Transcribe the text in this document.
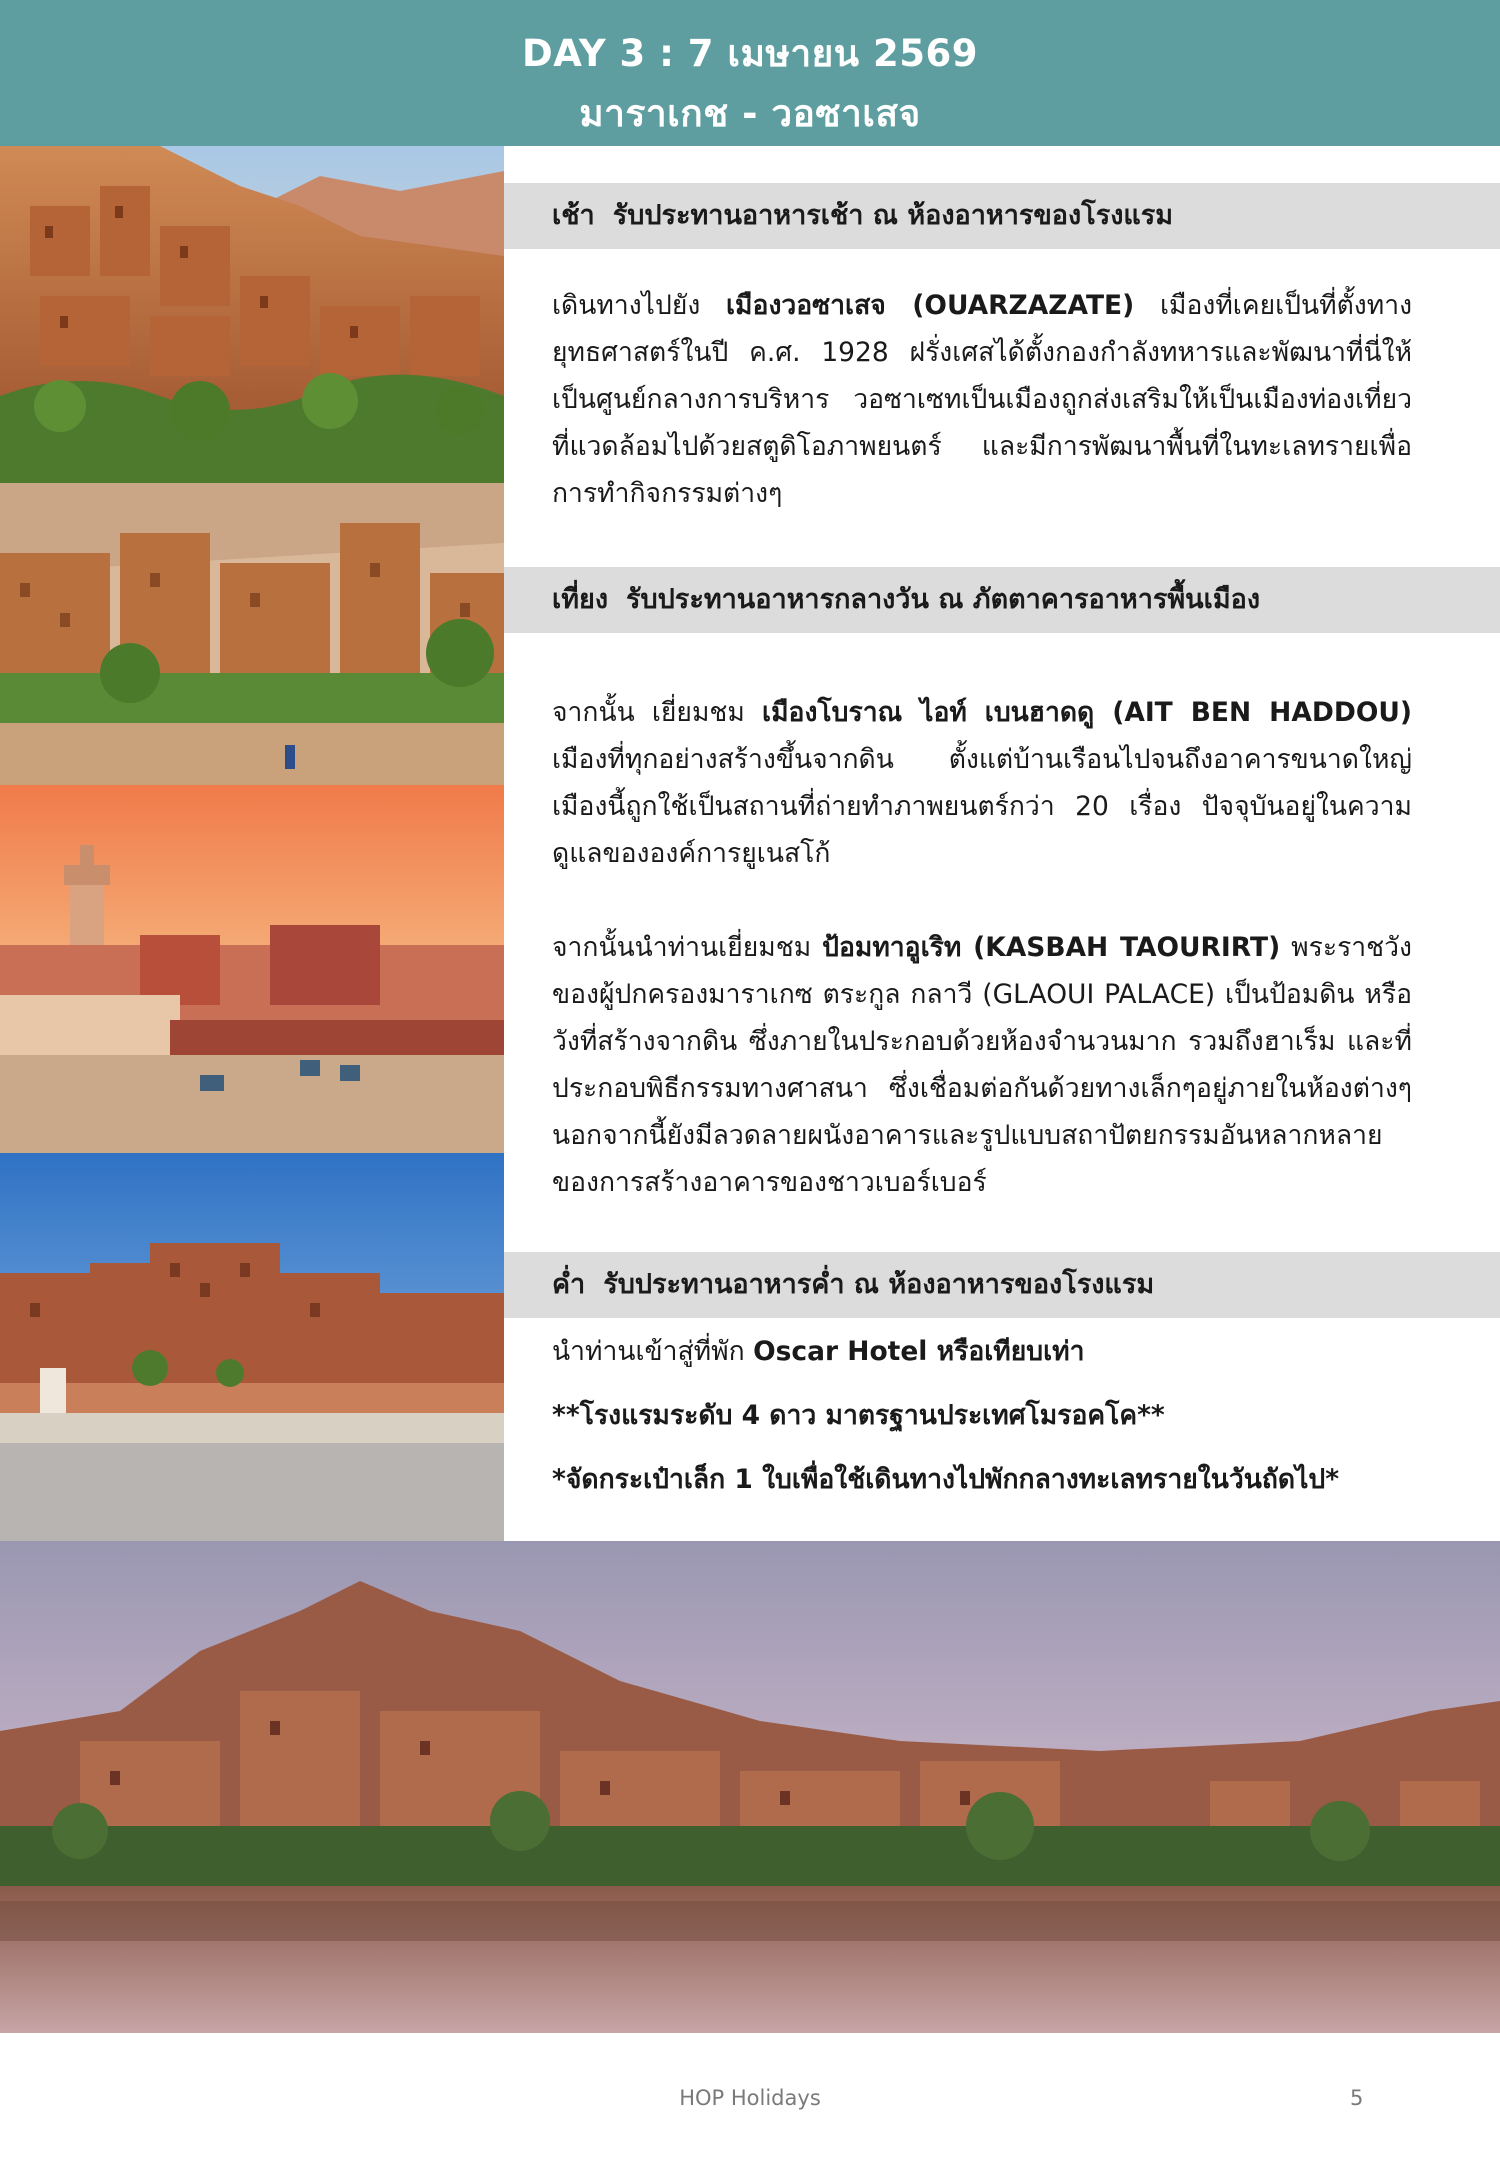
DAY 3 : 7 เมษายน 2569
มาราเกช - วอซาเสจ
เช้า รับประทานอาหารเช้า ณ ห้องอาหารของโรงแรม
เดินทางไปยัง เมืองวอซาเสจ (OUARZAZATE) เมืองที่เคยเป็นที่ตั้งทางยุทธศาสตร์ในปี ค.ศ. 1928 ฝรั่งเศสได้ตั้งกองกำลังทหารและพัฒนาที่นี่ให้เป็นศูนย์กลางการบริหาร วอซาเซทเป็นเมืองถูกส่งเสริมให้เป็นเมืองท่องเที่ยวที่แวดล้อมไปด้วยสตูดิโอภาพยนตร์ และมีการพัฒนาพื้นที่ในทะเลทรายเพื่อการทำกิจกรรมต่างๆ
เที่ยง รับประทานอาหารกลางวัน ณ ภัตตาคารอาหารพื้นเมือง
จากนั้น เยี่ยมชม เมืองโบราณ ไอท์ เบนฮาดดู (AIT BEN HADDOU) เมืองที่ทุกอย่างสร้างขึ้นจากดิน ตั้งแต่บ้านเรือนไปจนถึงอาคารขนาดใหญ่ เมืองนี้ถูกใช้เป็นสถานที่ถ่ายทำภาพยนตร์กว่า 20 เรื่อง ปัจจุบันอยู่ในความดูแลขององค์การยูเนสโก้
จากนั้นนำท่านเยี่ยมชม ป้อมทาอูเริท (KASBAH TAOURIRT) พระราชวังของผู้ปกครองมาราเกซ ตระกูล กลาวี (GLAOUI PALACE) เป็นป้อมดิน หรือ วังที่สร้างจากดิน ซึ่งภายในประกอบด้วยห้องจำนวนมาก รวมถึงฮาเร็ม และที่ประกอบพิธีกรรมทางศาสนา ซึ่งเชื่อมต่อกันด้วยทางเล็กๆอยู่ภายในห้องต่างๆ นอกจากนี้ยังมีลวดลายผนังอาคารและรูปแบบสถาปัตยกรรมอันหลากหลายของการสร้างอาคารของชาวเบอร์เบอร์
ค่ำ รับประทานอาหารค่ำ ณ ห้องอาหารของโรงแรม
นำท่านเข้าสู่ที่พัก Oscar Hotel หรือเทียบเท่า
**โรงแรมระดับ 4 ดาว มาตรฐานประเทศโมรอคโค**
*จัดกระเป๋าเล็ก 1 ใบเพื่อใช้เดินทางไปพักกลางทะเลทรายในวันถัดไป*
HOP Holidays	5
